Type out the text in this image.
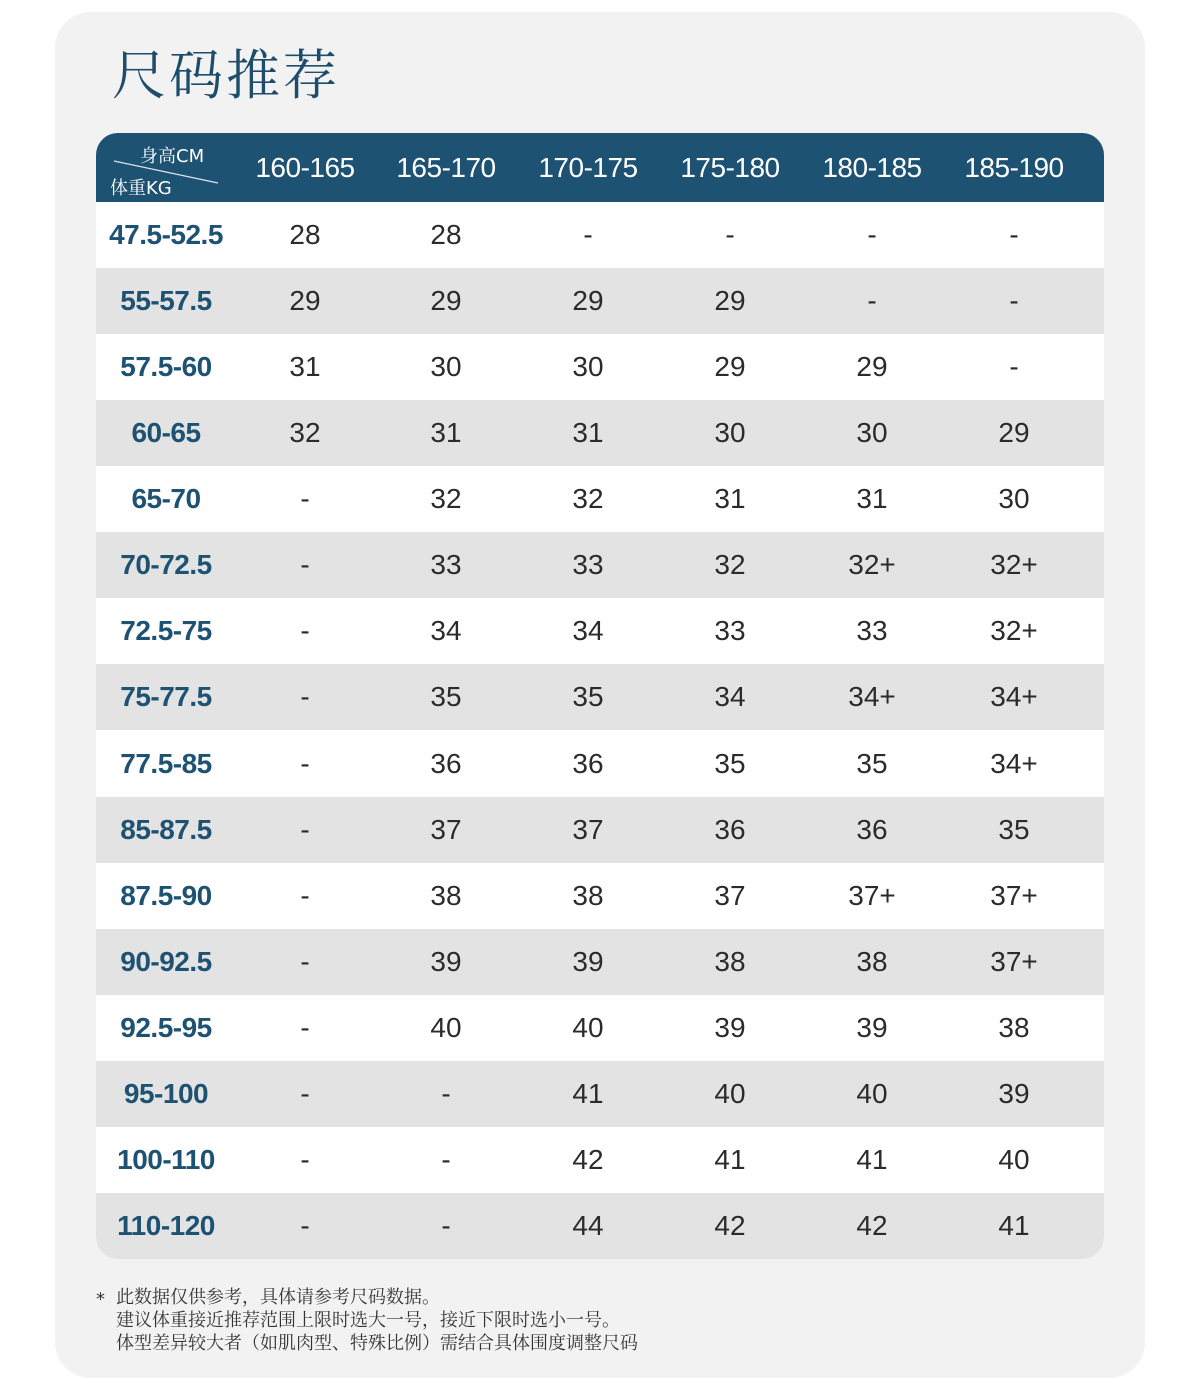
尺码推荐
身高CM
体重KG
160-165	165-170	170-175	175-180	180-185	185-190
47.5-52.5	28	28	-	-	-	-
55-57.5	29	29	29	29	-	-
57.5-60	31	30	30	29	29	-
60-65	32	31	31	30	30	29
65-70	-	32	32	31	31	30
70-72.5	-	33	33	32	32+	32+
72.5-75	-	34	34	33	33	32+
75-77.5	-	35	35	34	34+	34+
77.5-85	-	36	36	35	35	34+
85-87.5	-	37	37	36	36	35
87.5-90	-	38	38	37	37+	37+
90-92.5	-	39	39	38	38	37+
92.5-95	-	40	40	39	39	38
95-100	-	-	41	40	40	39
100-110	-	-	42	41	41	40
110-120	-	-	44	42	42	41
* 此数据仅供参考，具体请参考尺码数据。
建议体重接近推荐范围上限时选大一号，接近下限时选小一号。
体型差异较大者（如肌肉型、特殊比例）需结合具体围度调整尺码
